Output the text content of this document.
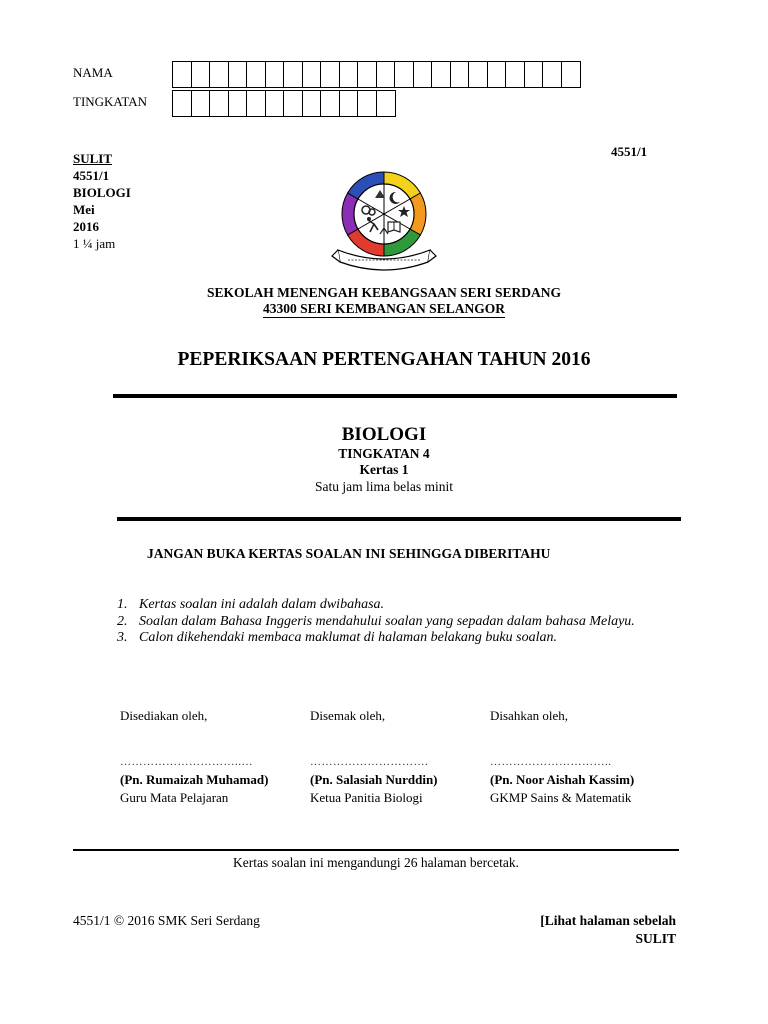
NAMA
TINGKATAN
4551/1
SULIT
4551/1
BIOLOGI
Mei
2016
1 ¼ jam
SEKOLAH MENENGAH KEBANGSAAN SERI SERDANG
43300 SERI KEMBANGAN SELANGOR
PEPERIKSAAN PERTENGAHAN TAHUN 2016
BIOLOGI
TINGKATAN 4
Kertas 1
Satu jam lima belas minit
JANGAN BUKA KERTAS SOALAN INI SEHINGGA DIBERITAHU
1. Kertas soalan ini adalah dalam dwibahasa.
2. Soalan dalam Bahasa Inggeris mendahului soalan yang sepadan dalam bahasa Melayu.
3. Calon dikehendaki membaca maklumat di halaman belakang buku soalan.
Disediakan oleh,
…………………………..…
(Pn. Rumaizah Muhamad)
Guru Mata Pelajaran
Disemak oleh,
………………………….
(Pn. Salasiah Nurddin)
Ketua Panitia Biologi
Disahkan oleh,
…………………………..
(Pn. Noor Aishah Kassim)
GKMP Sains & Matematik
Kertas soalan ini mengandungi 26 halaman bercetak.
4551/1 © 2016 SMK Seri Serdang	[Lihat halaman sebelah
SULIT
